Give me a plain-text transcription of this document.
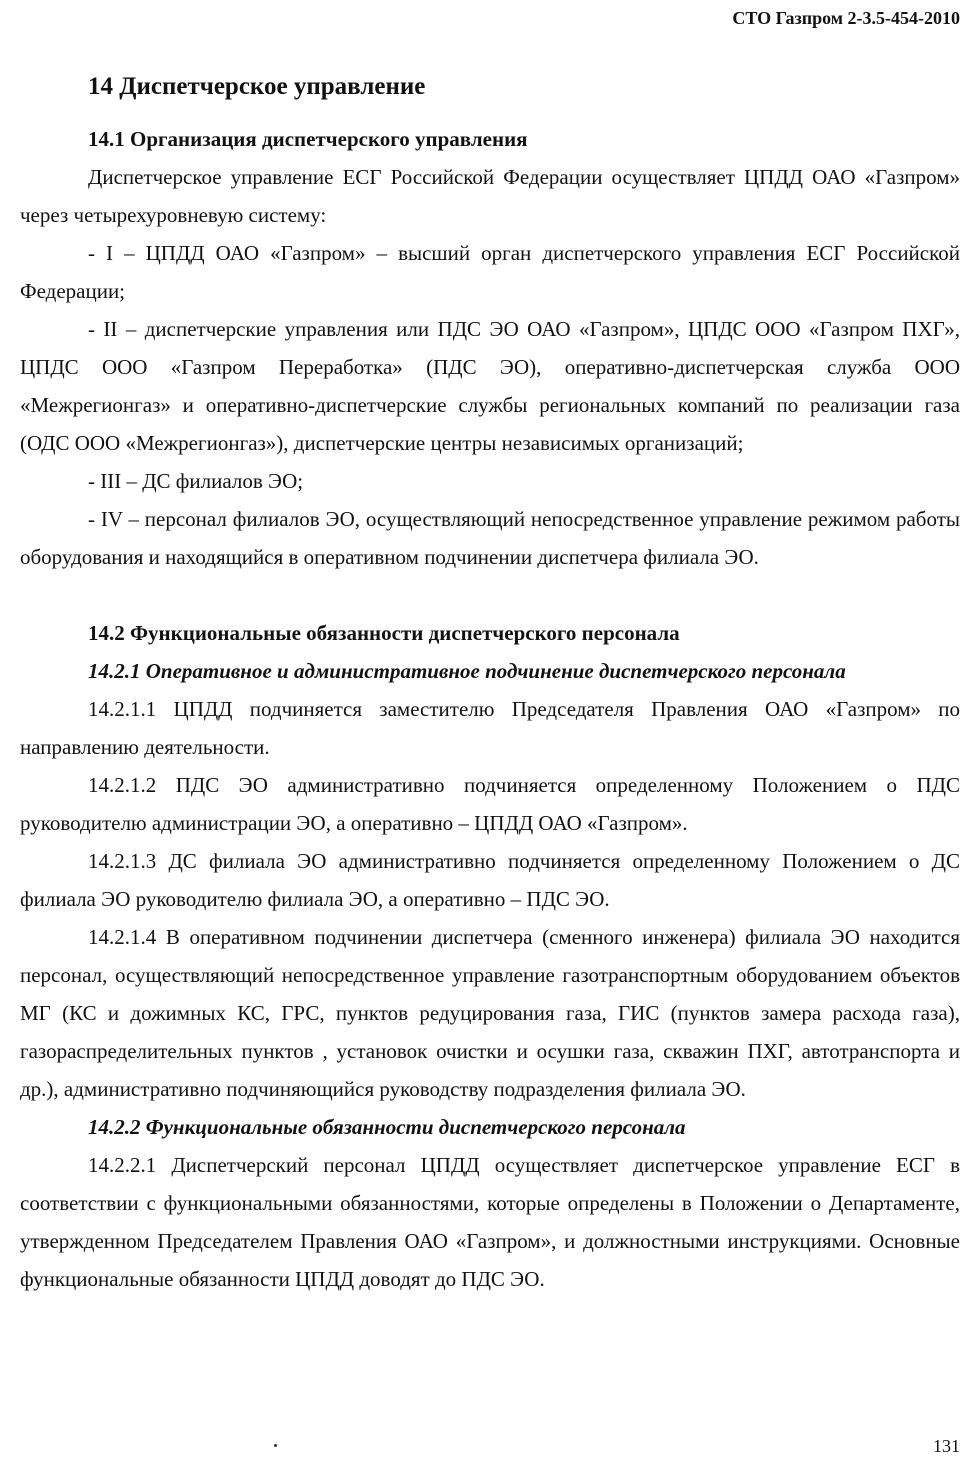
СТО Газпром 2-3.5-454-2010
14 Диспетчерское управление
14.1 Организация диспетчерского управления

Диспетчерское управление ЕСГ Российской Федерации осуществляет ЦПДД ОАО «Газпром» через четырехуровневую систему:

- I – ЦПДД ОАО «Газпром» – высший орган диспетчерского управления ЕСГ Российской Федерации;

- II – диспетчерские управления или ПДС ЭО ОАО «Газпром», ЦПДС ООО «Газпром ПХГ», ЦПДС ООО «Газпром Переработка» (ПДС ЭО), оперативно-диспетчерская служба ООО «Межрегионгаз» и оперативно-диспетчерские службы региональных компаний по реализации газа (ОДС ООО «Межрегионгаз»), диспетчерские центры независимых организаций;

- III – ДС филиалов ЭО;

- IV – персонал филиалов ЭО, осуществляющий непосредственное управление режимом работы оборудования и находящийся в оперативном подчинении диспетчера филиала ЭО.

14.2 Функциональные обязанности диспетчерского персонала
14.2.1 Оперативное и административное подчинение диспетчерского персонала

14.2.1.1 ЦПДД подчиняется заместителю Председателя Правления ОАО «Газпром» по направлению деятельности.

14.2.1.2 ПДС ЭО административно подчиняется определенному Положением о ПДС руководителю администрации ЭО, а оперативно – ЦПДД ОАО «Газпром».

14.2.1.3 ДС филиала ЭО административно подчиняется определенному Положением о ДС филиала ЭО руководителю филиала ЭО, а оперативно – ПДС ЭО.

14.2.1.4 В оперативном подчинении диспетчера (сменного инженера) филиала ЭО находится персонал, осуществляющий непосредственное управление газотранспортным оборудованием объектов МГ (КС и дожимных КС, ГРС, пунктов редуцирования газа, ГИС (пунктов замера расхода газа), газораспределительных пунктов , установок очистки и осушки газа, скважин ПХГ, автотранспорта и др.), административно подчиняющийся руководству подразделения филиала ЭО.

14.2.2 Функциональные обязанности диспетчерского персонала

14.2.2.1 Диспетчерский персонал ЦПДД осуществляет диспетчерское управление ЕСГ в соответствии с функциональными обязанностями, которые определены в Положении о Департаменте, утвержденном Председателем Правления ОАО «Газпром», и должностными инструкциями. Основные функциональные обязанности ЦПДД доводят до ПДС ЭО.

131
